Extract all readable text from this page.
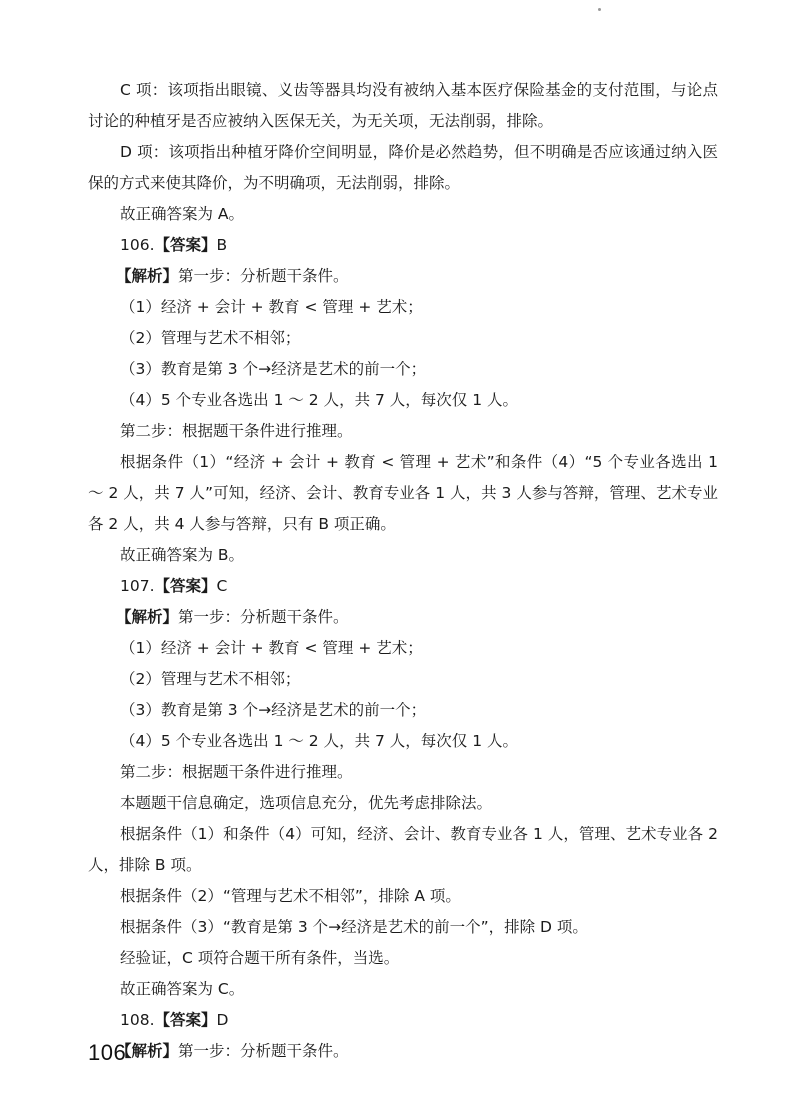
C 项：该项指出眼镜、义齿等器具均没有被纳入基本医疗保险基金的支付范围，与论点讨论的种植牙是否应被纳入医保无关，为无关项，无法削弱，排除。

D 项：该项指出种植牙降价空间明显，降价是必然趋势，但不明确是否应该通过纳入医保的方式来使其降价，为不明确项，无法削弱，排除。

故正确答案为 A。

106.【答案】B

【解析】第一步：分析题干条件。

（1）经济 + 会计 + 教育 < 管理 + 艺术；

（2）管理与艺术不相邻；

（3）教育是第 3 个→经济是艺术的前一个；

（4）5 个专业各选出 1 ～ 2 人，共 7 人，每次仅 1 人。

第二步：根据题干条件进行推理。

根据条件（1）“经济 + 会计 + 教育 < 管理 + 艺术”和条件（4）“5 个专业各选出 1 ～ 2 人，共 7 人”可知，经济、会计、教育专业各 1 人，共 3 人参与答辩，管理、艺术专业各 2 人，共 4 人参与答辩，只有 B 项正确。

故正确答案为 B。

107.【答案】C

【解析】第一步：分析题干条件。

（1）经济 + 会计 + 教育 < 管理 + 艺术；

（2）管理与艺术不相邻；

（3）教育是第 3 个→经济是艺术的前一个；

（4）5 个专业各选出 1 ～ 2 人，共 7 人，每次仅 1 人。

第二步：根据题干条件进行推理。

本题题干信息确定，选项信息充分，优先考虑排除法。

根据条件（1）和条件（4）可知，经济、会计、教育专业各 1 人，管理、艺术专业各 2 人，排除 B 项。

根据条件（2）“管理与艺术不相邻”，排除 A 项。

根据条件（3）“教育是第 3 个→经济是艺术的前一个”，排除 D 项。

经验证，C 项符合题干所有条件，当选。

故正确答案为 C。

108.【答案】D

【解析】第一步：分析题干条件。

106
